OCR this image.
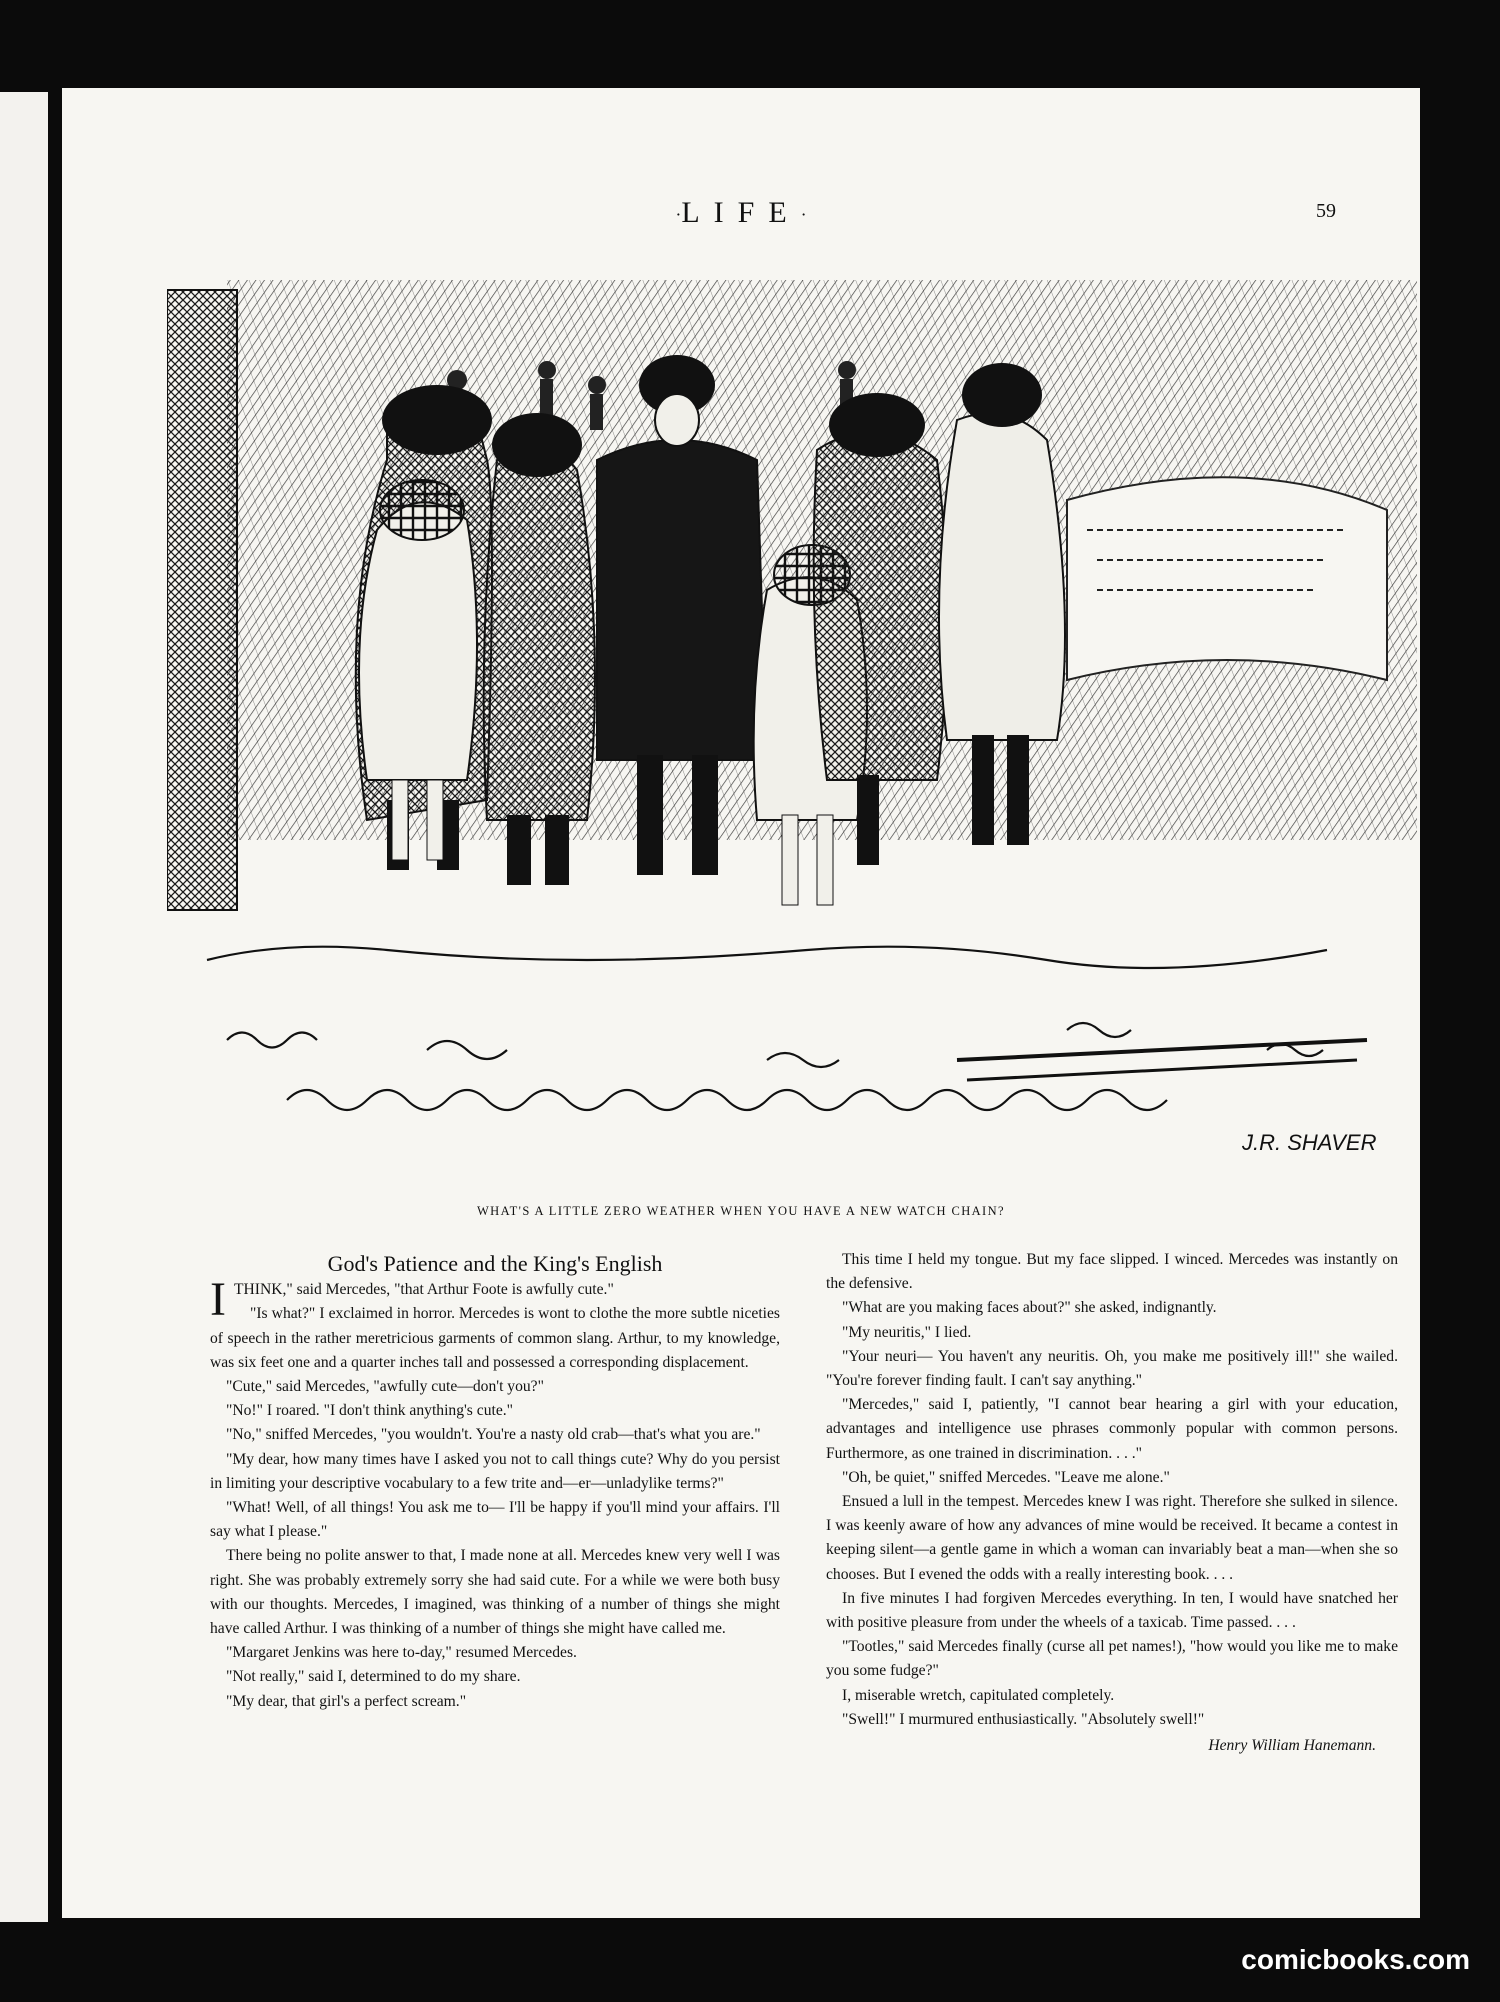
·LIFE·	59
J.R. SHAVER
WHAT'S A LITTLE ZERO WEATHER WHEN YOU HAVE A NEW WATCH CHAIN?
God's Patience and the King's English

ITHINK," said Mercedes, "that Arthur Foote is awfully cute."

"Is what?" I exclaimed in horror. Mercedes is wont to clothe the more subtle niceties of speech in the rather meretricious garments of common slang. Arthur, to my knowledge, was six feet one and a quarter inches tall and possessed a corresponding displacement.

"Cute," said Mercedes, "awfully cute—don't you?"

"No!" I roared. "I don't think anything's cute."

"No," sniffed Mercedes, "you wouldn't. You're a nasty old crab—that's what you are."

"My dear, how many times have I asked you not to call things cute? Why do you persist in limiting your descriptive vocabulary to a few trite and—er—unladylike terms?"

"What! Well, of all things! You ask me to— I'll be happy if you'll mind your affairs. I'll say what I please."

There being no polite answer to that, I made none at all. Mercedes knew very well I was right. She was probably extremely sorry she had said cute. For a while we were both busy with our thoughts. Mercedes, I imagined, was thinking of a number of things she might have called Arthur. I was thinking of a number of things she might have called me.

"Margaret Jenkins was here to-day," resumed Mercedes.

"Not really," said I, determined to do my share.

"My dear, that girl's a perfect scream."

This time I held my tongue. But my face slipped. I winced. Mercedes was instantly on the defensive.

"What are you making faces about?" she asked, indignantly.

"My neuritis," I lied.

"Your neuri— You haven't any neuritis. Oh, you make me positively ill!" she wailed. "You're forever finding fault. I can't say anything."

"Mercedes," said I, patiently, "I cannot bear hearing a girl with your education, advantages and intelligence use phrases commonly popular with common persons. Furthermore, as one trained in discrimination. . . ."

"Oh, be quiet," sniffed Mercedes. "Leave me alone."

Ensued a lull in the tempest. Mercedes knew I was right. Therefore she sulked in silence. I was keenly aware of how any advances of mine would be received. It became a contest in keeping silent—a gentle game in which a woman can invariably beat a man—when she so chooses. But I evened the odds with a really interesting book. . . .

In five minutes I had forgiven Mercedes everything. In ten, I would have snatched her with positive pleasure from under the wheels of a taxicab. Time passed. . . .

"Tootles," said Mercedes finally (curse all pet names!), "how would you like me to make you some fudge?"

I, miserable wretch, capitulated completely.

"Swell!" I murmured enthusiastically. "Absolutely swell!"

Henry William Hanemann.
comicbooks.com
